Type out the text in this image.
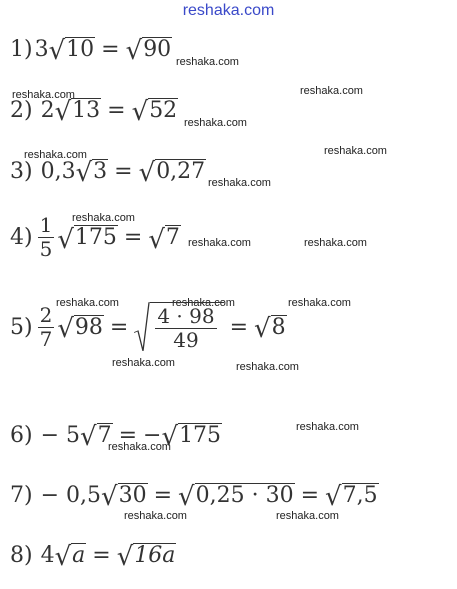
reshaka.com
reshaka.com
reshaka.com	reshaka.com
reshaka.com
reshaka.com	reshaka.com
reshaka.com
reshaka.com
reshaka.com	reshaka.com
reshaka.com	reshaka.com	reshaka.com
reshaka.com	reshaka.com
reshaka.com
reshaka.com
reshaka.com	reshaka.com
1) 3 √ 10 = √ 90
2) 2 √ 13 = √ 52
3) 0,3 √ 3 = √ 0,27
$4) \frac{1}{5}$ √ 175 = √ 7
$5) \frac{2}{7}$ √ $98 = \frac{4 \cdot 98}{49}$ = √ 8
6) − 5 √ 7 = − √ 175
7) − 0,5 √ 30 = √ 0,25 · 30 = √ 7,5
8) 4 √ a = √ 16a
